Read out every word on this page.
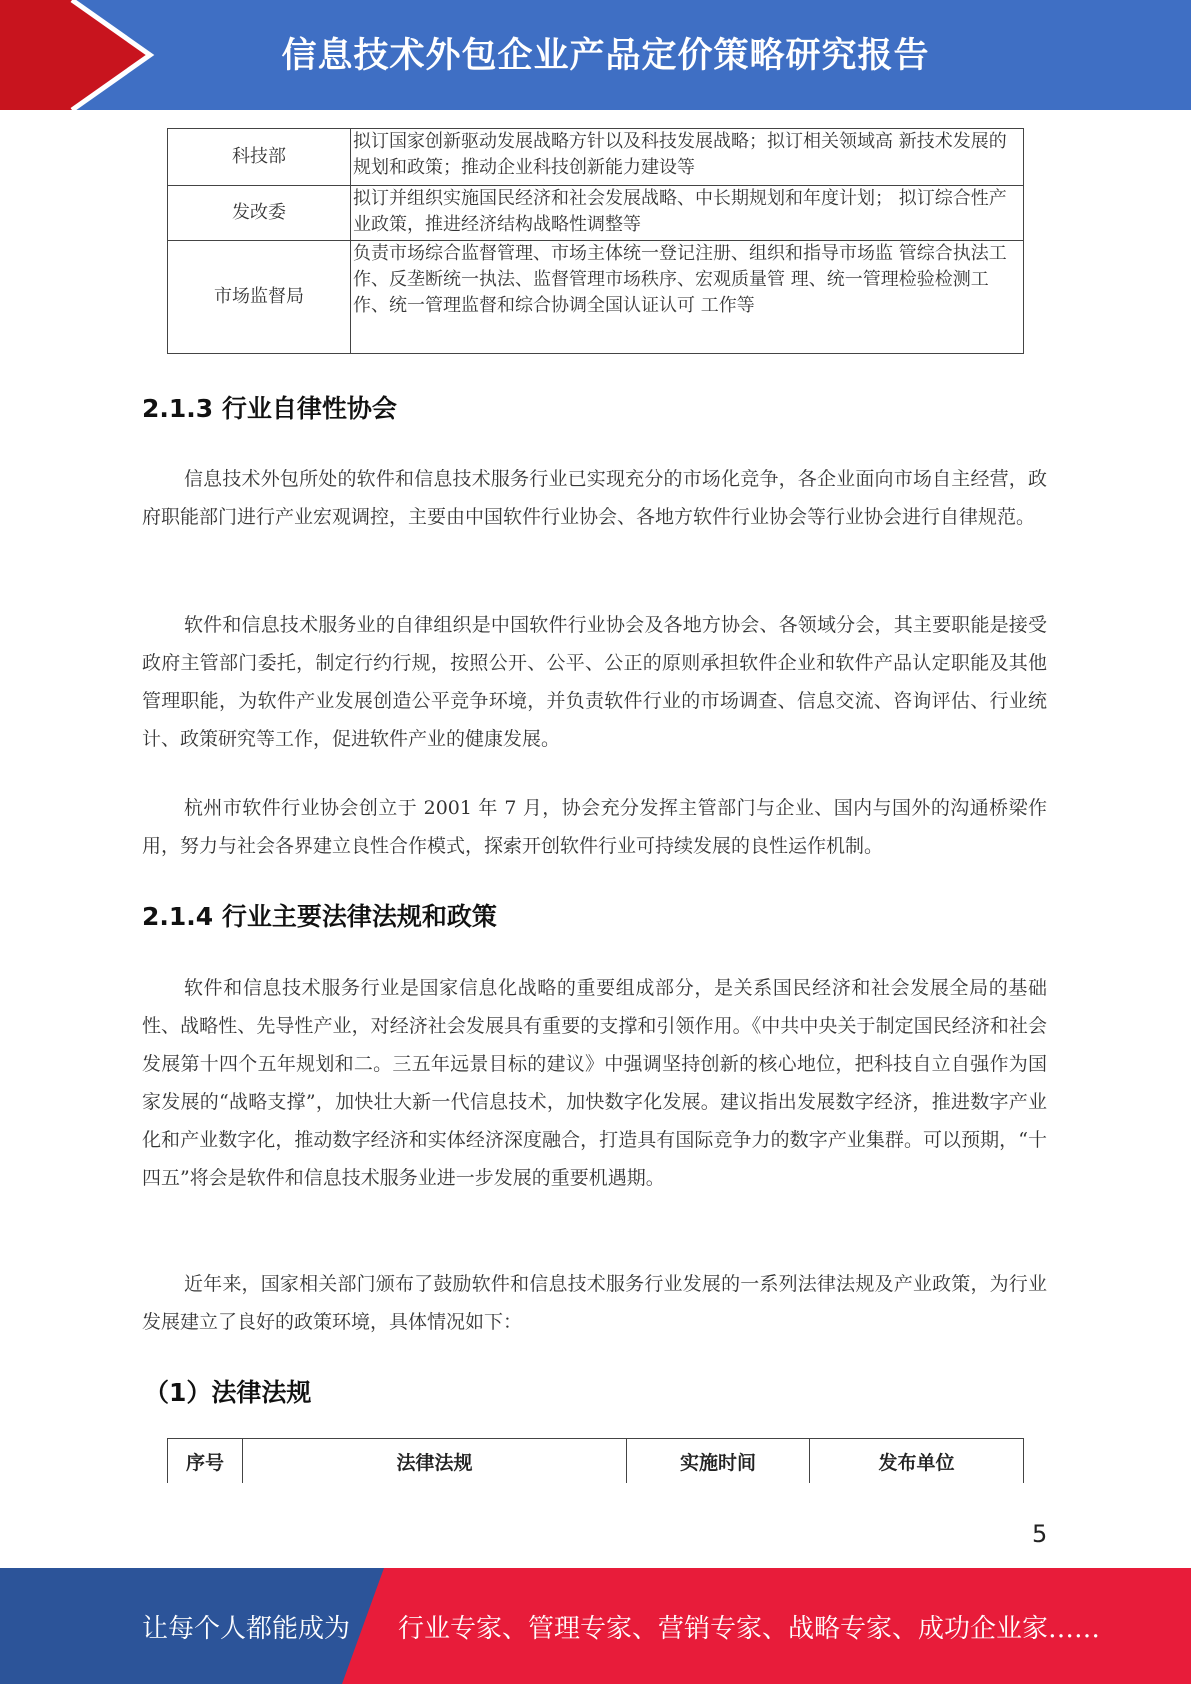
信息技术外包企业产品定价策略研究报告
科技部	拟订国家创新驱动发展战略方针以及科技发展战略；拟订相关领域高 新技术发展的规划和政策；推动企业科技创新能力建设等
发改委	拟订并组织实施国民经济和社会发展战略、中长期规划和年度计划； 拟订综合性产业政策，推进经济结构战略性调整等
市场监督局	负责市场综合监督管理、市场主体统一登记注册、组织和指导市场监 管综合执法工作、反垄断统一执法、监督管理市场秩序、宏观质量管 理、统一管理检验检测工作、统一管理监督和综合协调全国认证认可 工作等
2.1.3 行业自律性协会

信息技术外包所处的软件和信息技术服务行业已实现充分的市场化竞争，各企业面向市场自主经营，政府职能部门进行产业宏观调控，主要由中国软件行业协会、各地方软件行业协会等行业协会进行自律规范。

软件和信息技术服务业的自律组织是中国软件行业协会及各地方协会、各领域分会，其主要职能是接受政府主管部门委托，制定行约行规，按照公开、公平、公正的原则承担软件企业和软件产品认定职能及其他管理职能，为软件产业发展创造公平竞争环境，并负责软件行业的市场调查、信息交流、咨询评估、行业统计、政策研究等工作，促进软件产业的健康发展。

杭州市软件行业协会创立于 2001 年 7 月，协会充分发挥主管部门与企业、国内与国外的沟通桥梁作用，努力与社会各界建立良性合作模式，探索开创软件行业可持续发展的良性运作机制。

2.1.4 行业主要法律法规和政策

软件和信息技术服务行业是国家信息化战略的重要组成部分，是关系国民经济和社会发展全局的基础性、战略性、先导性产业，对经济社会发展具有重要的支撑和引领作用。《中共中央关于制定国民经济和社会发展第十四个五年规划和二。三五年远景目标的建议》中强调坚持创新的核心地位，把科技自立自强作为国家发展的“战略支撑”，加快壮大新一代信息技术，加快数字化发展。建议指出发展数字经济，推进数字产业化和产业数字化，推动数字经济和实体经济深度融合，打造具有国际竞争力的数字产业集群。可以预期，“十四五”将会是软件和信息技术服务业进一步发展的重要机遇期。

近年来，国家相关部门颁布了鼓励软件和信息技术服务行业发展的一系列法律法规及产业政策，为行业发展建立了良好的政策环境，具体情况如下：

（1）法律法规
序号	法律法规	实施时间	发布单位
5
让每个人都能成为 行业专家、管理专家、营销专家、战略专家、成功企业家……
